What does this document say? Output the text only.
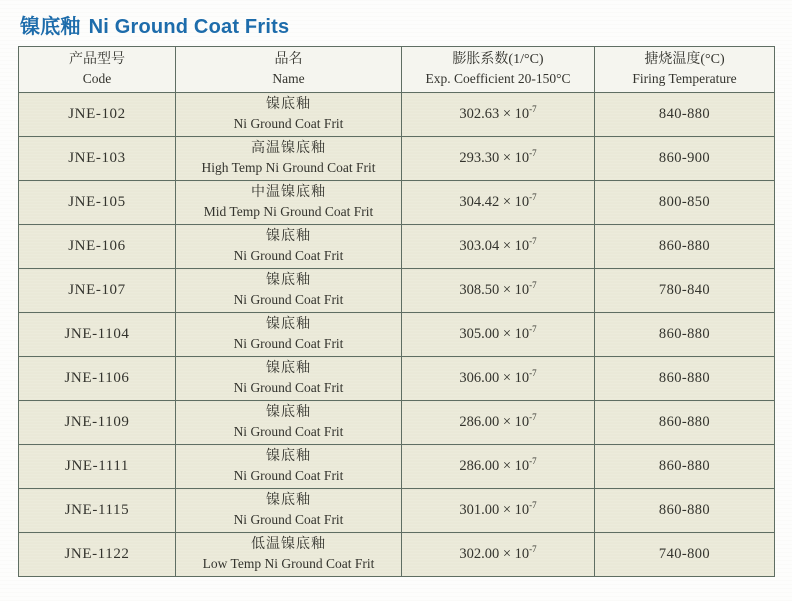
镍底釉 Ni Ground Coat Frits
产品型号
Code

品名
Name

膨胀系数(1/°C)
Exp. Coefficient 20-150°C

搪烧温度(°C)
Firing Temperature

JNE-102	镍底釉
Ni Ground Coat Frit	$302.63 \times 10^{-7}$	840-880
JNE-103	高温镍底釉
High Temp Ni Ground Coat Frit	$293.30 \times 10^{-7}$	860-900
JNE-105	中温镍底釉
Mid Temp Ni Ground Coat Frit	$304.42 \times 10^{-7}$	800-850
JNE-106	镍底釉
Ni Ground Coat Frit	$303.04 \times 10^{-7}$	860-880
JNE-107	镍底釉
Ni Ground Coat Frit	$308.50 \times 10^{-7}$	780-840
JNE-1104	镍底釉
Ni Ground Coat Frit	$305.00 \times 10^{-7}$	860-880
JNE-1106	镍底釉
Ni Ground Coat Frit	$306.00 \times 10^{-7}$	860-880
JNE-1109	镍底釉
Ni Ground Coat Frit	$286.00 \times 10^{-7}$	860-880
JNE-1111	镍底釉
Ni Ground Coat Frit	$286.00 \times 10^{-7}$	860-880
JNE-1115	镍底釉
Ni Ground Coat Frit	$301.00 \times 10^{-7}$	860-880
JNE-1122	低温镍底釉
Low Temp Ni Ground Coat Frit	$302.00 \times 10^{-7}$	740-800
